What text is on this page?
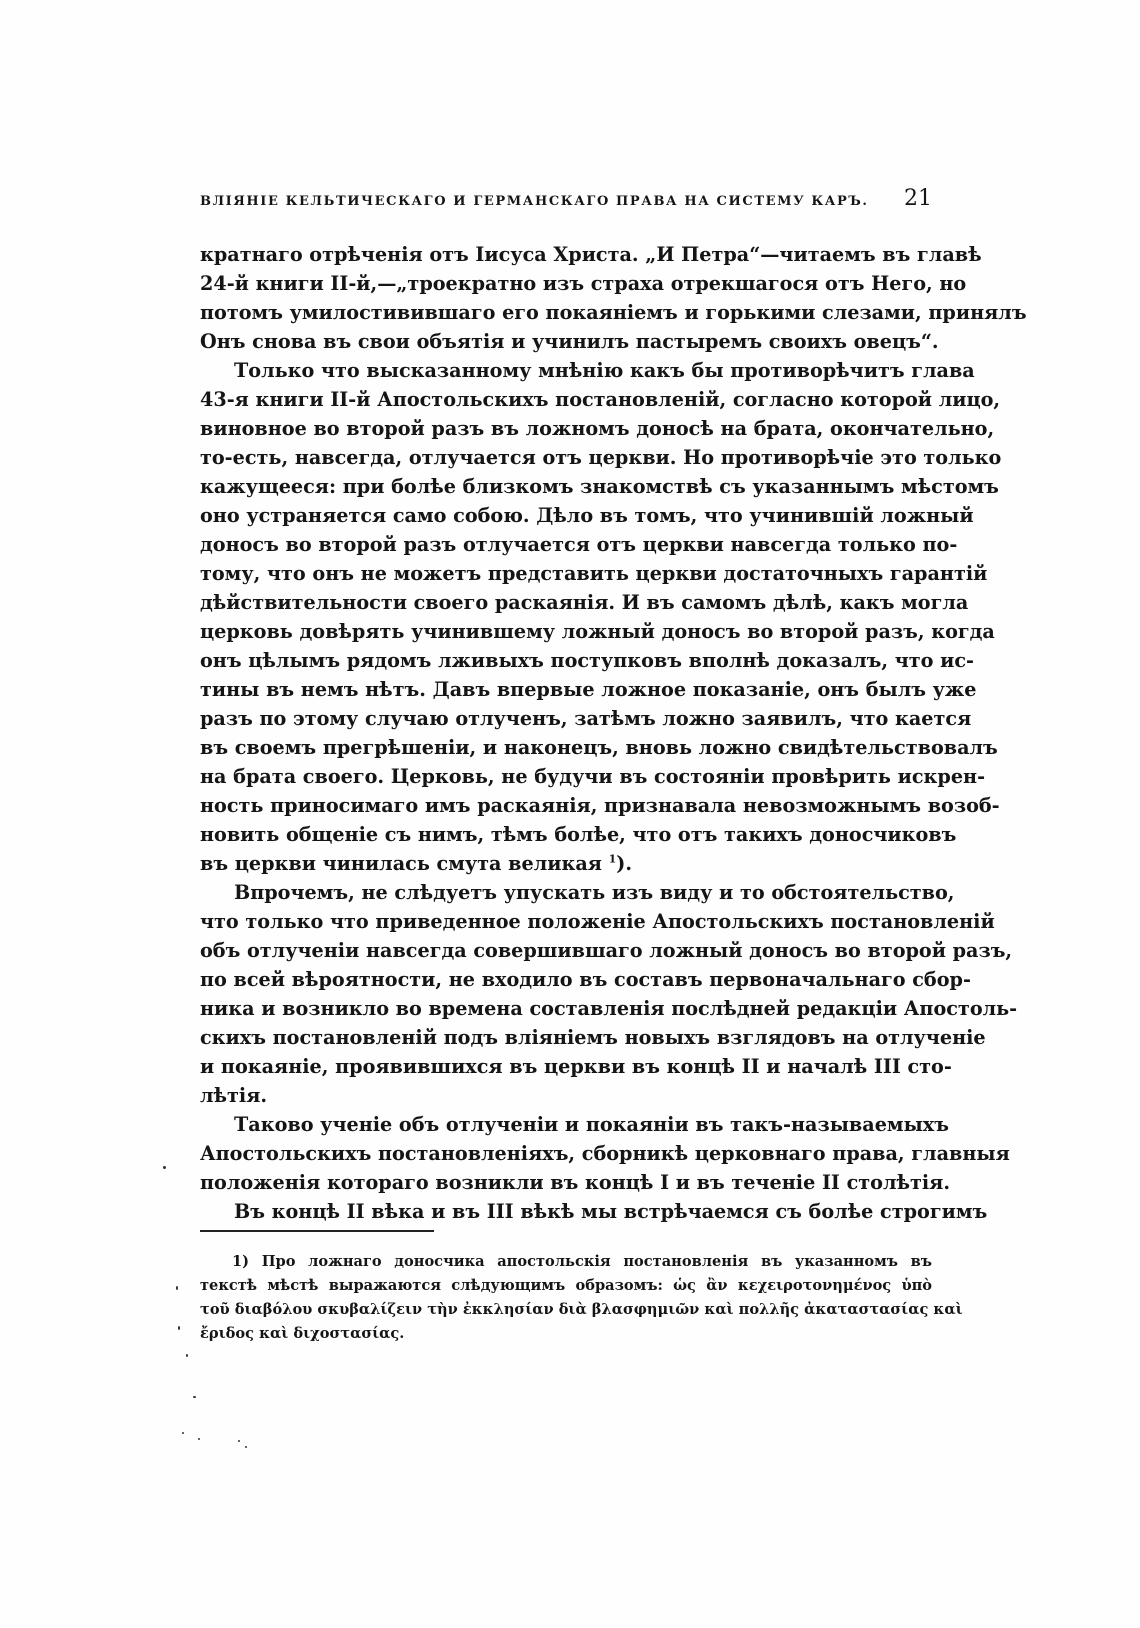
ВЛІЯНІЕ КЕЛЬТИЧЕСКАГО И ГЕРМАНСКАГО ПРАВА НА СИСТЕМУ КАРЪ. 21
кратнаго отрѣченія отъ Іисуса Христа. „И Петра“—читаемъ въ главѣ
24-й книги II-й,—„троекратно изъ страха отрекшагося отъ Него, но
потомъ умилостивившаго его покаяніемъ и горькими слезами, принялъ
Онъ снова въ свои объятія и учинилъ пастыремъ своихъ овецъ“.
Только что высказанному мнѣнію какъ бы противорѣчитъ глава
43-я книги II-й Апостольскихъ постановленій, согласно которой лицо,
виновное во второй разъ въ ложномъ доносѣ на брата, окончательно,
то-есть, навсегда, отлучается отъ церкви. Но противорѣчіе это только
кажущееся: при болѣе близкомъ знакомствѣ съ указаннымъ мѣстомъ
оно устраняется само собою. Дѣло въ томъ, что учинившій ложный
доносъ во второй разъ отлучается отъ церкви навсегда только по-
тому, что онъ не можетъ представить церкви достаточныхъ гарантій
дѣйствительности своего раскаянія. И въ самомъ дѣлѣ, какъ могла
церковь довѣрять учинившему ложный доносъ во второй разъ, когда
онъ цѣлымъ рядомъ лживыхъ поступковъ вполнѣ доказалъ, что ис-
тины въ немъ нѣтъ. Давъ впервые ложное показаніе, онъ былъ уже
разъ по этому случаю отлученъ, затѣмъ ложно заявилъ, что кается
въ своемъ прегрѣшеніи, и наконецъ, вновь ложно свидѣтельствовалъ
на брата своего. Церковь, не будучи въ состояніи провѣрить искрен-
ность приносимаго имъ раскаянія, признавала невозможнымъ возоб-
новить общеніе съ нимъ, тѣмъ болѣе, что отъ такихъ доносчиковъ
въ церкви чинилась смута великая $^1$).
Впрочемъ, не слѣдуетъ упускать изъ виду и то обстоятельство,
что только что приведенное положеніе Апостольскихъ постановленій
объ отлученіи навсегда совершившаго ложный доносъ во второй разъ,
по всей вѣроятности, не входило въ составъ первоначальнаго сбор-
ника и возникло во времена составленія послѣдней редакціи Апостоль-
скихъ постановленій подъ вліяніемъ новыхъ взглядовъ на отлученіе
и покаяніе, проявившихся въ церкви въ концѣ II и началѣ III сто-
лѣтія.
Таково ученіе объ отлученіи и покаяніи въ такъ-называемыхъ
Апостольскихъ постановленіяхъ, сборникѣ церковнаго права, главныя
положенія котораго возникли въ концѣ I и въ теченіе II столѣтія.
Въ концѣ II вѣка и въ III вѣкѣ мы встрѣчаемся съ болѣе строгимъ
1) Про ложнаго доносчика апостольскія постановленія въ указанномъ въ
текстѣ мѣстѣ выражаются слѣдующимъ образомъ: ὡς ἂν κεχειροτονημένος ὑπὸ
τοῦ διαβόλου σκυβαλίζειν τὴν ἐκκλησίαν διὰ βλασφημιῶν καὶ πολλῆς ἀκαταστασίας καὶ
ἔριδος καὶ διχοστασίας.
